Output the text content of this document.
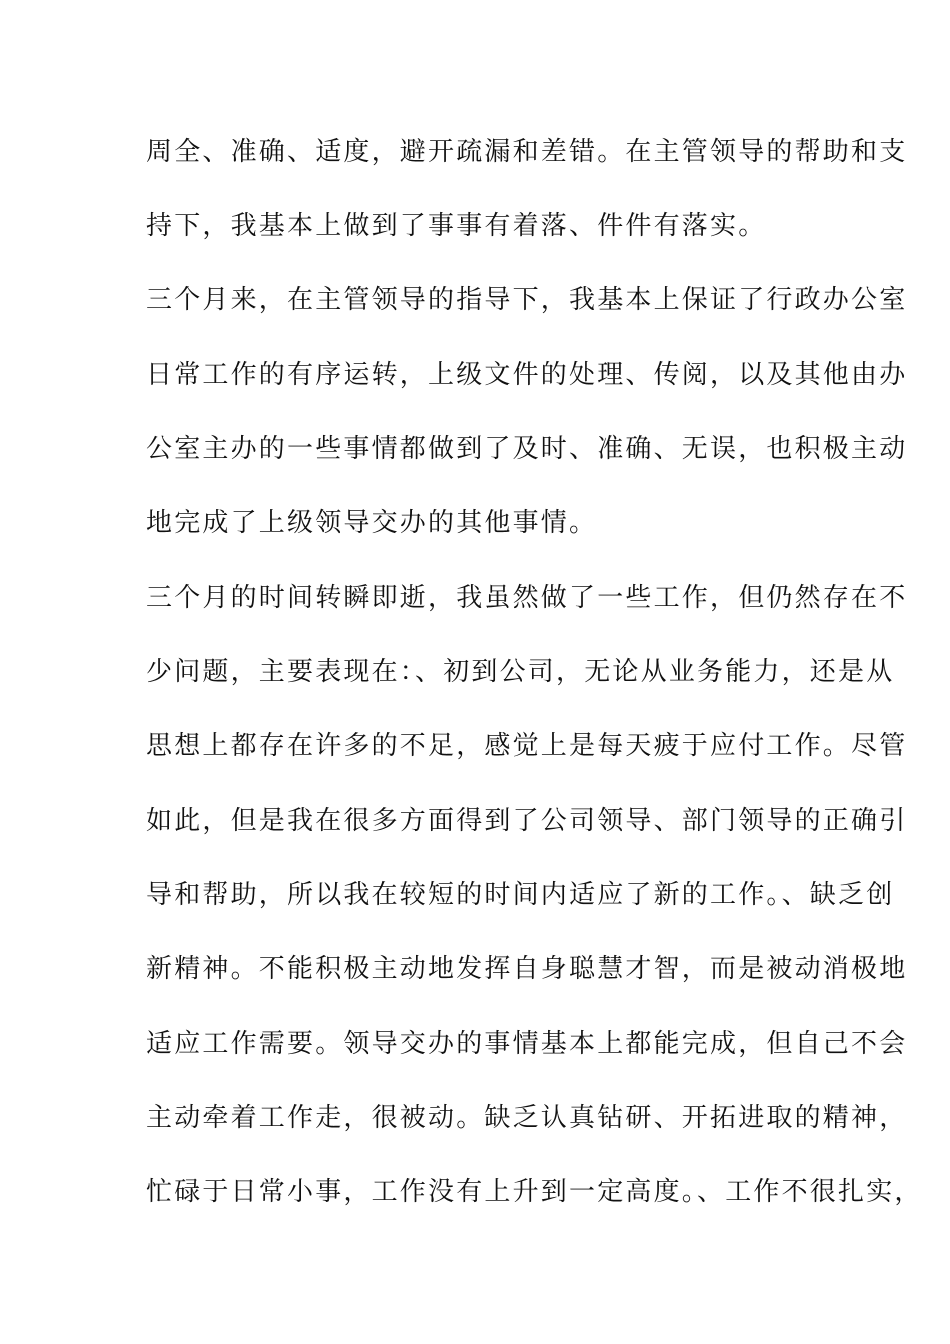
周全、准确、适度，避开疏漏和差错。在主管领导的帮助和支
持下，我基本上做到了事事有着落、件件有落实。
三个月来，在主管领导的指导下，我基本上保证了行政办公室
日常工作的有序运转，上级文件的处理、传阅，以及其他由办
公室主办的一些事情都做到了及时、准确、无误，也积极主动
地完成了上级领导交办的其他事情。
三个月的时间转瞬即逝，我虽然做了一些工作，但仍然存在不
少问题，主要表现在：、初到公司，无论从业务能力，还是从
思想上都存在许多的不足，感觉上是每天疲于应付工作。尽管
如此，但是我在很多方面得到了公司领导、部门领导的正确引
导和帮助，所以我在较短的时间内适应了新的工作。、缺乏创
新精神。不能积极主动地发挥自身聪慧才智，而是被动消极地
适应工作需要。领导交办的事情基本上都能完成，但自己不会
主动牵着工作走，很被动。缺乏认真钻研、开拓进取的精神，
忙碌于日常小事，工作没有上升到一定高度。、工作不很扎实，
